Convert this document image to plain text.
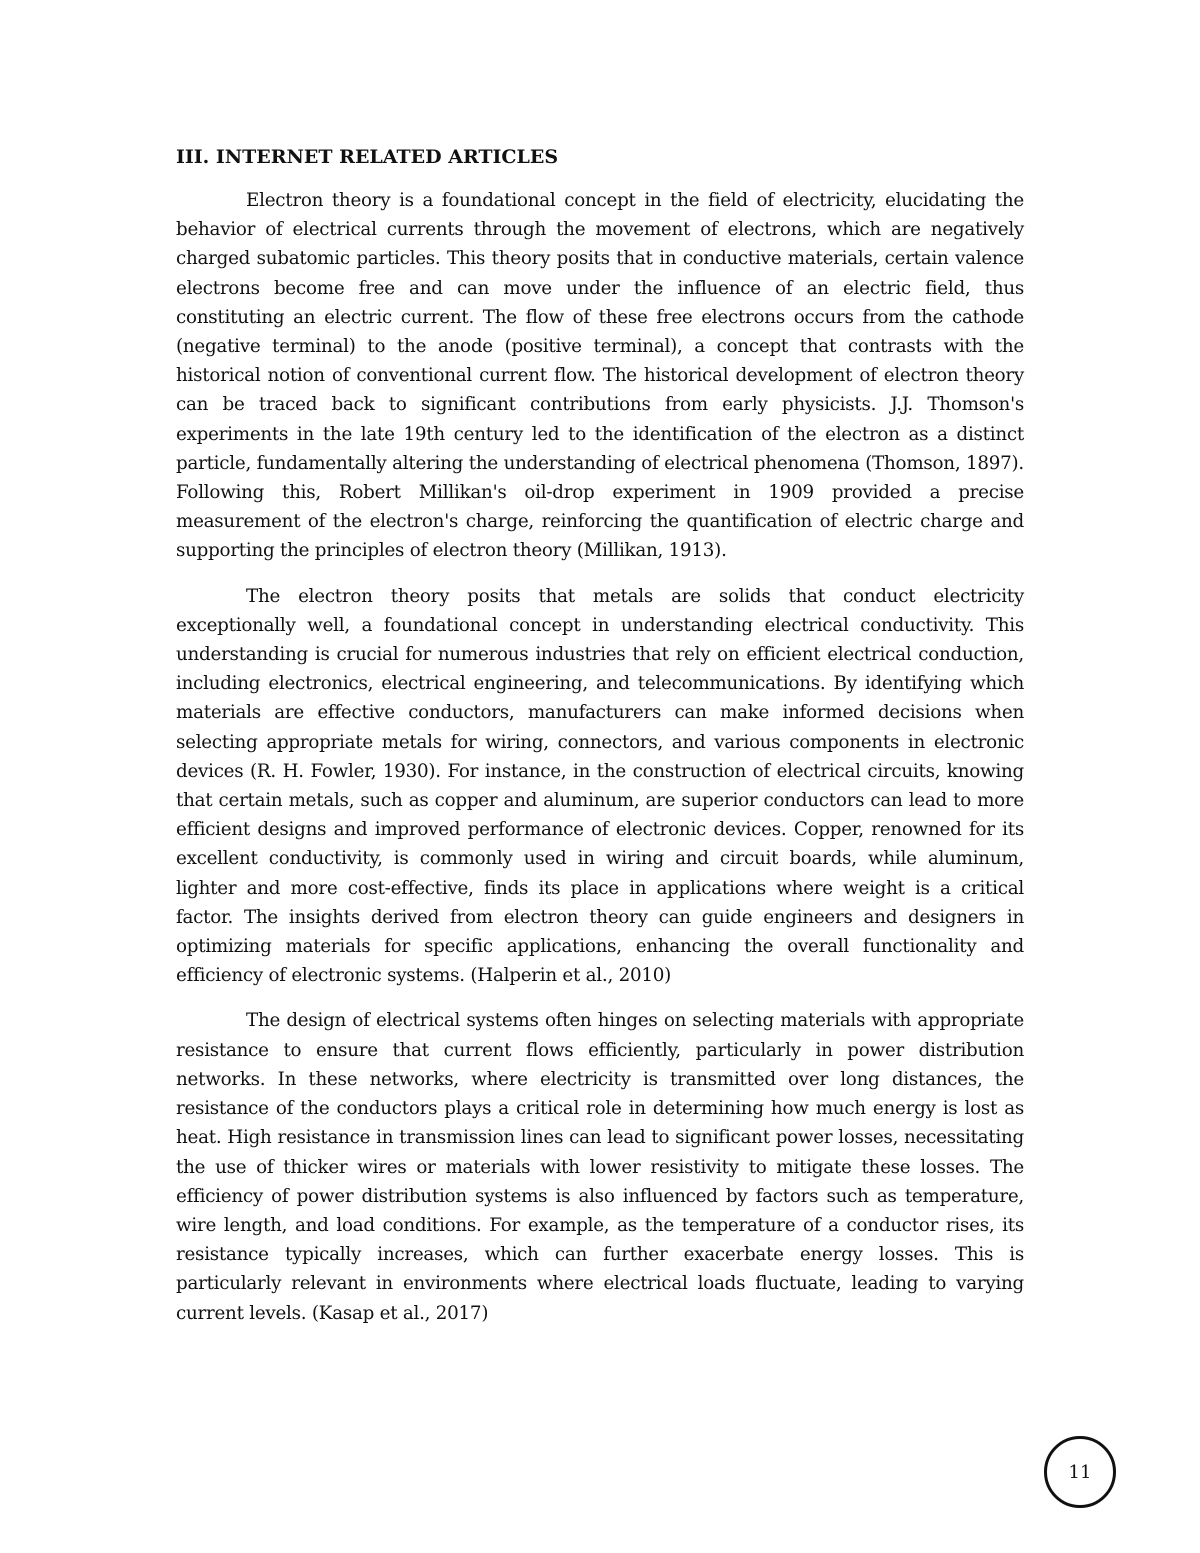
III. INTERNET RELATED ARTICLES

Electron theory is a foundational concept in the field of electricity, elucidating the behavior of electrical currents through the movement of electrons, which are negatively charged subatomic particles. This theory posits that in conductive materials, certain valence electrons become free and can move under the influence of an electric field, thus constituting an electric current. The flow of these free electrons occurs from the cathode (negative terminal) to the anode (positive terminal), a concept that contrasts with the historical notion of conventional current flow. The historical development of electron theory can be traced back to significant contributions from early physicists. J.J. Thomson's experiments in the late 19th century led to the identification of the electron as a distinct particle, fundamentally altering the understanding of electrical phenomena (Thomson, 1897). Following this, Robert Millikan's oil-drop experiment in 1909 provided a precise measurement of the electron's charge, reinforcing the quantification of electric charge and supporting the principles of electron theory (Millikan, 1913).

The electron theory posits that metals are solids that conduct electricity exceptionally well, a foundational concept in understanding electrical conductivity. This understanding is crucial for numerous industries that rely on efficient electrical conduction, including electronics, electrical engineering, and telecommunications. By identifying which materials are effective conductors, manufacturers can make informed decisions when selecting appropriate metals for wiring, connectors, and various components in electronic devices (R. H. Fowler, 1930). For instance, in the construction of electrical circuits, knowing that certain metals, such as copper and aluminum, are superior conductors can lead to more efficient designs and improved performance of electronic devices. Copper, renowned for its excellent conductivity, is commonly used in wiring and circuit boards, while aluminum, lighter and more cost-effective, finds its place in applications where weight is a critical factor. The insights derived from electron theory can guide engineers and designers in optimizing materials for specific applications, enhancing the overall functionality and efficiency of electronic systems. (Halperin et al., 2010)

The design of electrical systems often hinges on selecting materials with appropriate resistance to ensure that current flows efficiently, particularly in power distribution networks. In these networks, where electricity is transmitted over long distances, the resistance of the conductors plays a critical role in determining how much energy is lost as heat. High resistance in transmission lines can lead to significant power losses, necessitating the use of thicker wires or materials with lower resistivity to mitigate these losses. The efficiency of power distribution systems is also influenced by factors such as temperature, wire length, and load conditions. For example, as the temperature of a conductor rises, its resistance typically increases, which can further exacerbate energy losses. This is particularly relevant in environments where electrical loads fluctuate, leading to varying current levels. (Kasap et al., 2017)

11
